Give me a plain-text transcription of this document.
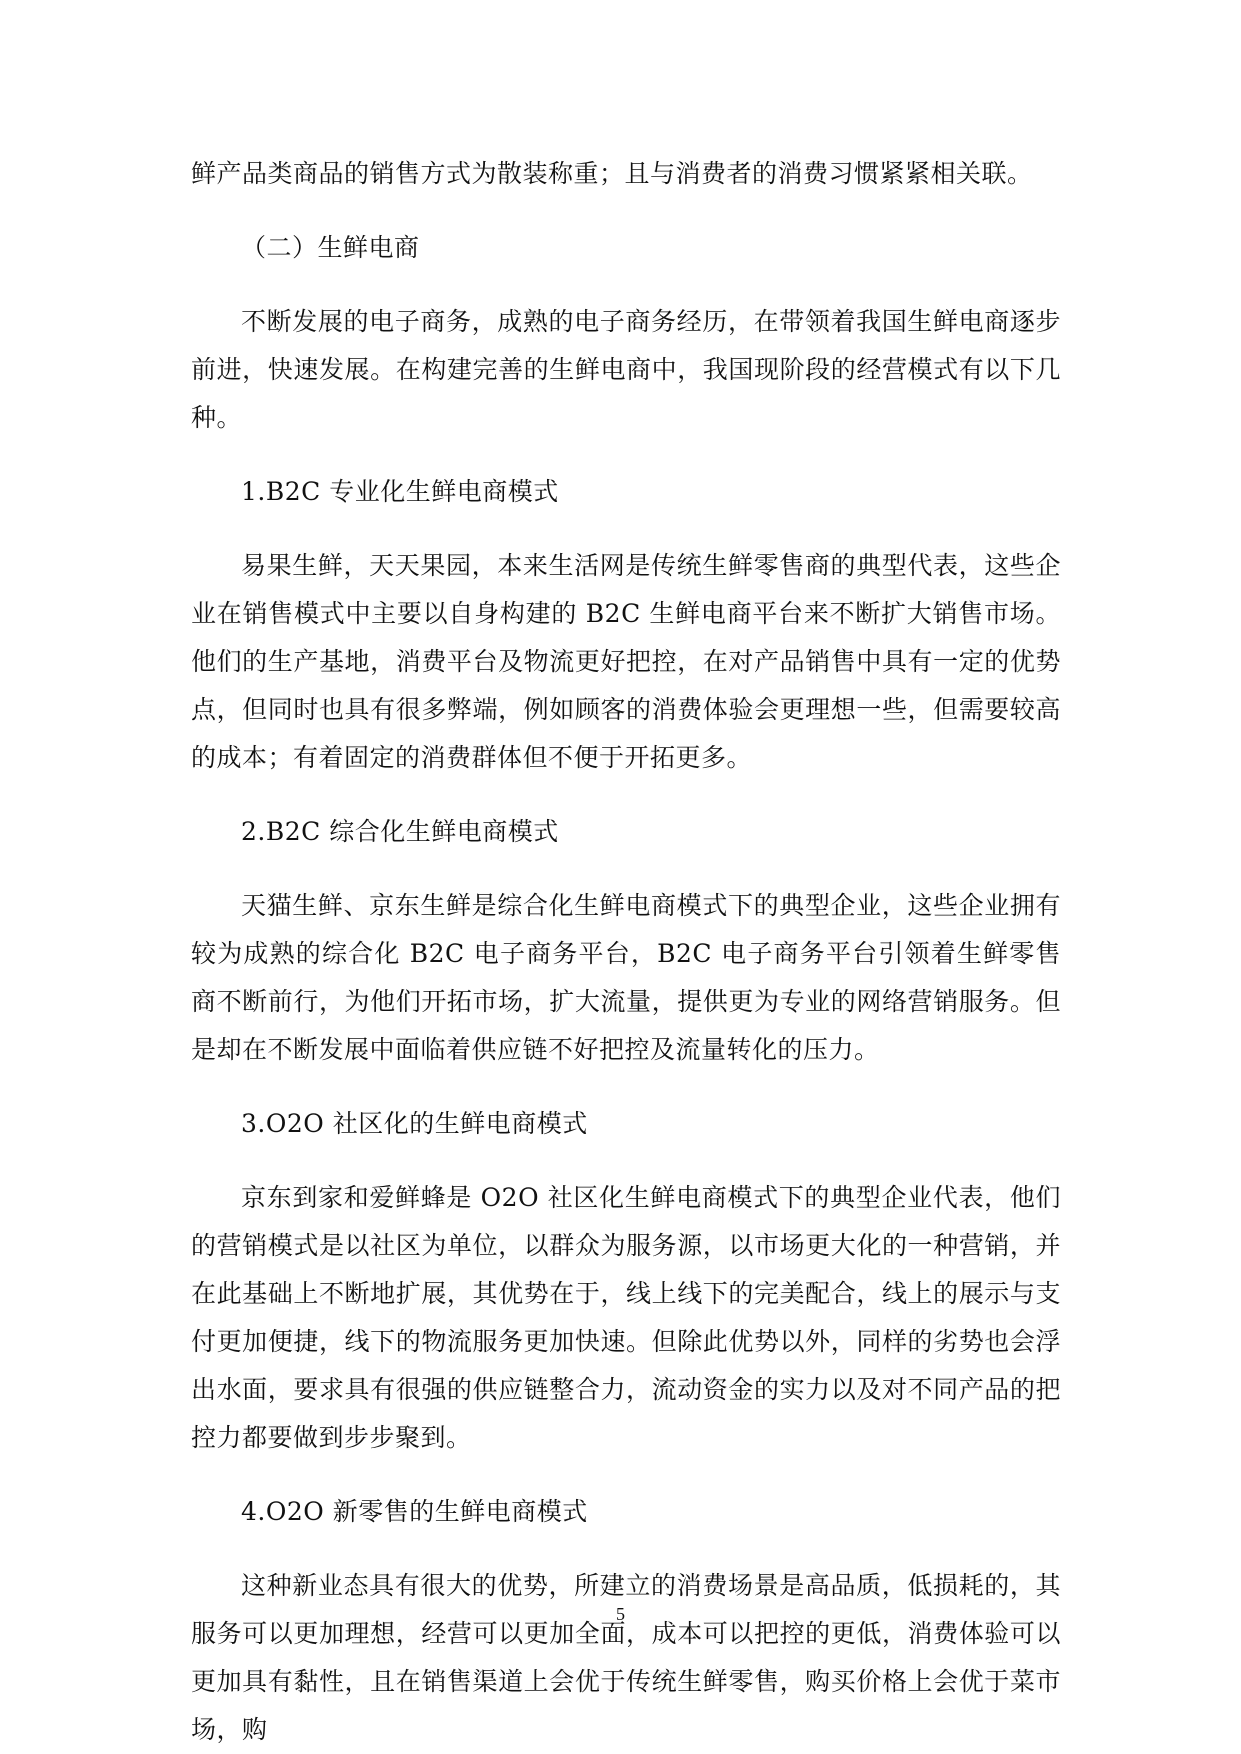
鲜产品类商品的销售方式为散装称重；且与消费者的消费习惯紧紧相关联。

（二）生鲜电商

不断发展的电子商务，成熟的电子商务经历，在带领着我国生鲜电商逐步前进，快速发展。在构建完善的生鲜电商中，我国现阶段的经营模式有以下几种。

1.B2C 专业化生鲜电商模式

易果生鲜，天天果园，本来生活网是传统生鲜零售商的典型代表，这些企业在销售模式中主要以自身构建的 B2C 生鲜电商平台来不断扩大销售市场。他们的生产基地，消费平台及物流更好把控，在对产品销售中具有一定的优势点，但同时也具有很多弊端，例如顾客的消费体验会更理想一些，但需要较高的成本；有着固定的消费群体但不便于开拓更多。

2.B2C 综合化生鲜电商模式

天猫生鲜、京东生鲜是综合化生鲜电商模式下的典型企业，这些企业拥有较为成熟的综合化 B2C 电子商务平台，B2C 电子商务平台引领着生鲜零售商不断前行，为他们开拓市场，扩大流量，提供更为专业的网络营销服务。但是却在不断发展中面临着供应链不好把控及流量转化的压力。

3.O2O 社区化的生鲜电商模式

京东到家和爱鲜蜂是 O2O 社区化生鲜电商模式下的典型企业代表，他们的营销模式是以社区为单位，以群众为服务源，以市场更大化的一种营销，并在此基础上不断地扩展，其优势在于，线上线下的完美配合，线上的展示与支付更加便捷，线下的物流服务更加快速。但除此优势以外，同样的劣势也会浮出水面，要求具有很强的供应链整合力，流动资金的实力以及对不同产品的把控力都要做到步步聚到。

4.O2O 新零售的生鲜电商模式

这种新业态具有很大的优势，所建立的消费场景是高品质，低损耗的，其服务可以更加理想，经营可以更加全面，成本可以把控的更低，消费体验可以更加具有黏性，且在销售渠道上会优于传统生鲜零售，购买价格上会优于菜市场，购

5
